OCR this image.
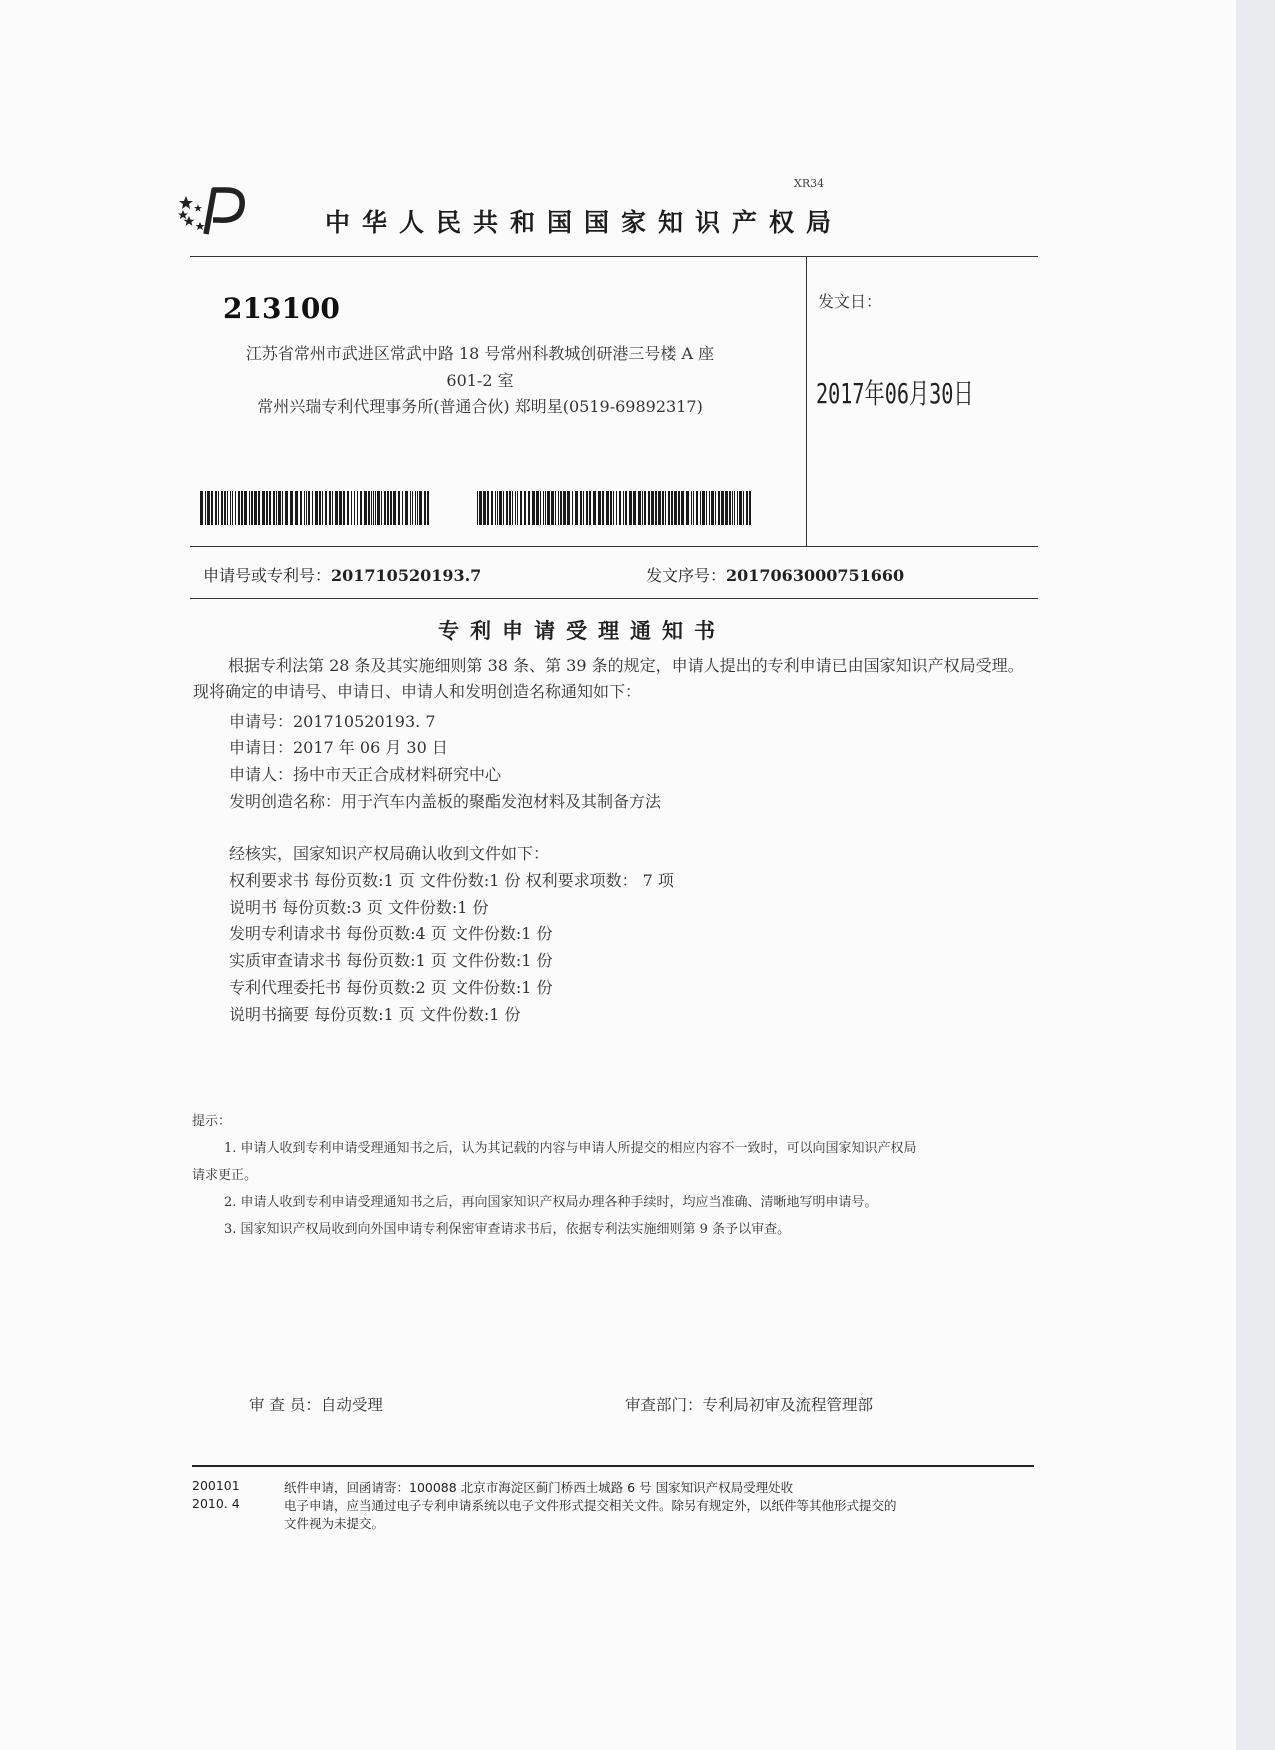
XR34
中华人民共和国国家知识产权局
213100
江苏省常州市武进区常武中路 18 号常州科教城创研港三号楼 A 座
601-2 室
常州兴瑞专利代理事务所(普通合伙) 郑明星(0519-69892317)
发文日：
2017年06月30日
申请号或专利号：201710520193.7	发文序号：2017063000751660
专利申请受理通知书
根据专利法第 28 条及其实施细则第 38 条、第 39 条的规定，申请人提出的专利申请已由国家知识产权局受理。现将确定的申请号、申请日、申请人和发明创造名称通知如下：
申请号：201710520193. 7
申请日：2017 年 06 月 30 日
申请人：扬中市天正合成材料研究中心
发明创造名称：用于汽车内盖板的聚酯发泡材料及其制备方法
经核实，国家知识产权局确认收到文件如下：
权利要求书 每份页数:1 页 文件份数:1 份 权利要求项数： 7 项
说明书 每份页数:3 页 文件份数:1 份
发明专利请求书 每份页数:4 页 文件份数:1 份
实质审查请求书 每份页数:1 页 文件份数:1 份
专利代理委托书 每份页数:2 页 文件份数:1 份
说明书摘要 每份页数:1 页 文件份数:1 份
提示：
1. 申请人收到专利申请受理通知书之后，认为其记载的内容与申请人所提交的相应内容不一致时，可以向国家知识产权局
请求更正。
2. 申请人收到专利申请受理通知书之后，再向国家知识产权局办理各种手续时，均应当准确、清晰地写明申请号。
3. 国家知识产权局收到向外国申请专利保密审查请求书后，依据专利法实施细则第 9 条予以审查。
审 查 员：自动受理	审查部门：专利局初审及流程管理部
200101
2010. 4
纸件申请，回函请寄：100088 北京市海淀区蓟门桥西土城路 6 号 国家知识产权局受理处收
电子申请，应当通过电子专利申请系统以电子文件形式提交相关文件。除另有规定外，以纸件等其他形式提交的
文件视为未提交。
